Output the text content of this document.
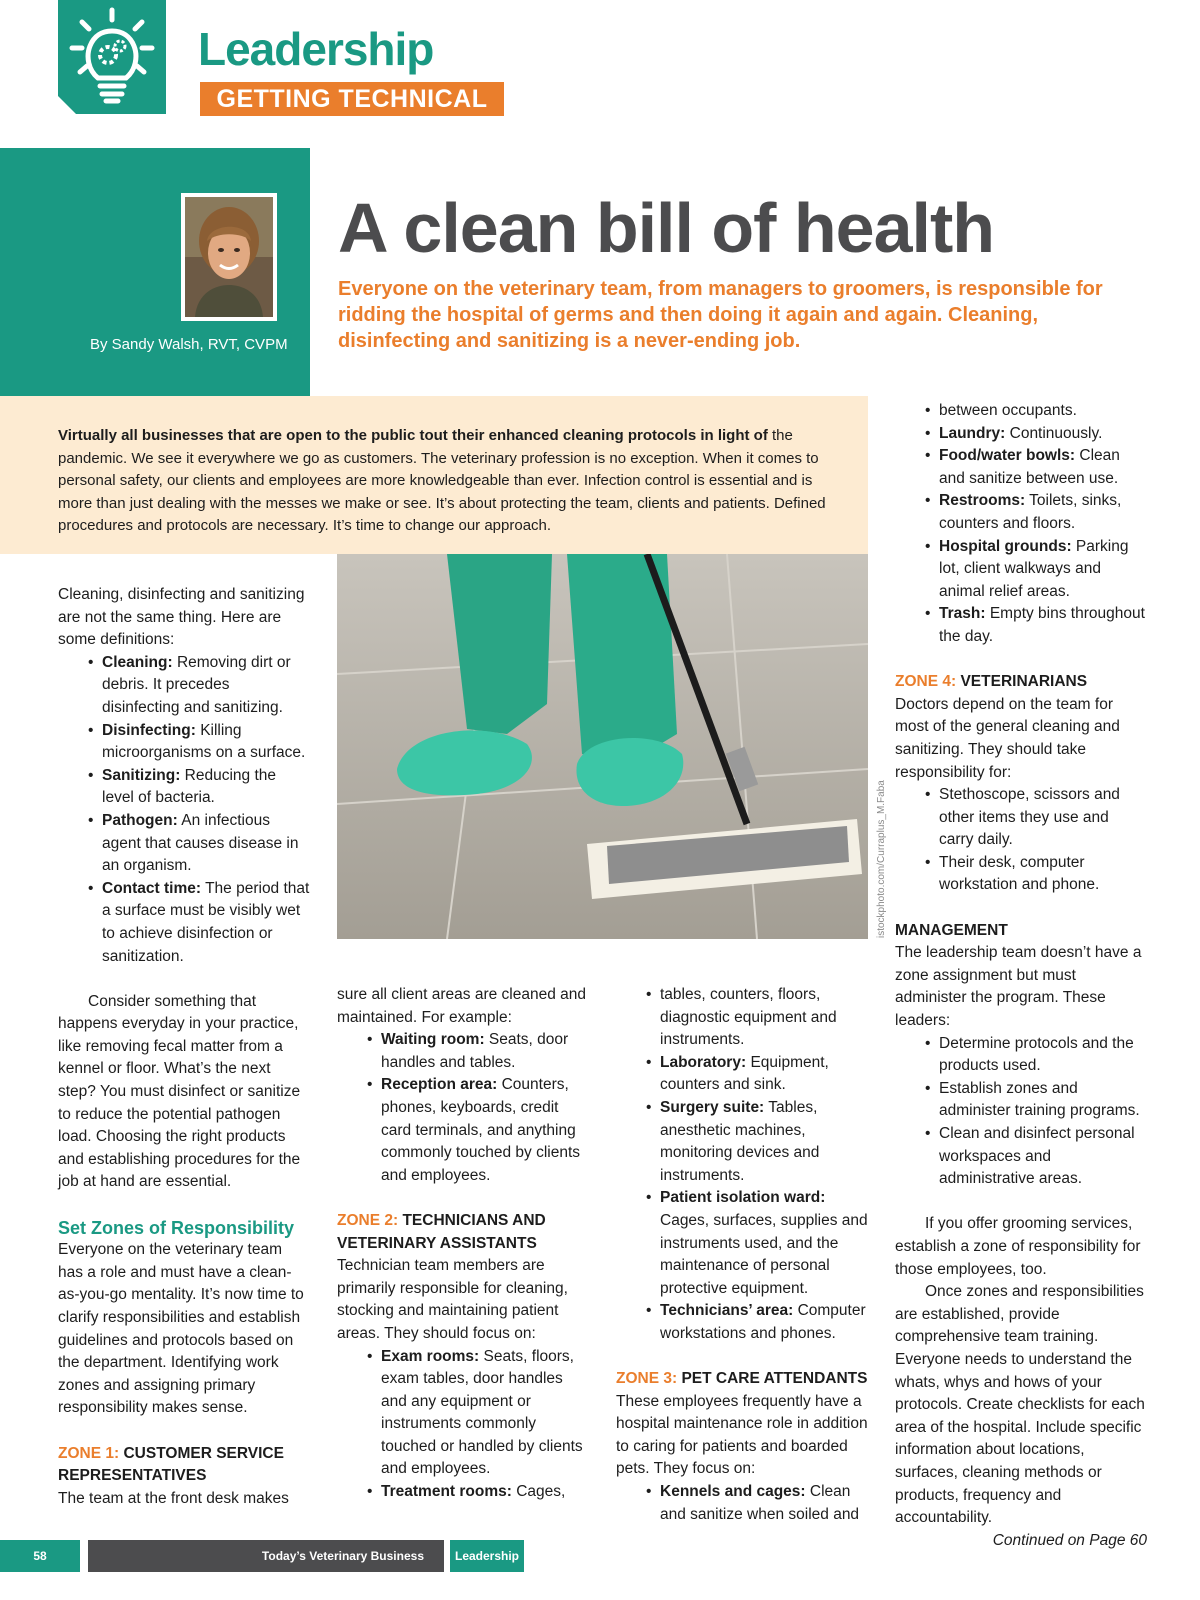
Leadership
GETTING TECHNICAL
By Sandy Walsh, RVT, CVPM
A clean bill of health
Everyone on the veterinary team, from managers to groomers, is responsible for ridding the hospital of germs and then doing it again and again. Cleaning, disinfecting and sanitizing is a never-ending job.
Virtually all businesses that are open to the public tout their enhanced cleaning protocols in light of the pandemic. We see it everywhere we go as customers. The veterinary profession is no exception. When it comes to personal safety, our clients and employees are more knowledgeable than ever. Infection control is essential and is more than just dealing with the messes we make or see. It’s about protecting the team, clients and patients. Defined procedures and protocols are necessary. It’s time to change our approach.
istockphoto.com/Curraplus_M.Faba

Cleaning, disinfecting and sanitizing are not the same thing. Here are some definitions:

• Cleaning: Removing dirt or debris. It precedes disinfecting and sanitizing.
• Disinfecting: Killing microorganisms on a surface.
• Sanitizing: Reducing the level of bacteria.
• Pathogen: An infectious agent that causes disease in an organism.
• Contact time: The period that a surface must be visibly wet to achieve disinfection or sanitization.

Consider something that happens everyday in your practice, like removing fecal matter from a kennel or floor. What’s the next step? You must disinfect or sanitize to reduce the potential pathogen load. Choosing the right products and establishing procedures for the job at hand are essential.

Set Zones of Responsibility

Everyone on the veterinary team has a role and must have a clean-as-you-go mentality. It’s now time to clarify responsibilities and establish guidelines and protocols based on the department. Identifying work zones and assigning primary responsibility makes sense.

ZONE 1: CUSTOMER SERVICE REPRESENTATIVES

The team at the front desk makes

sure all client areas are cleaned and maintained. For example:

• Waiting room: Seats, door handles and tables.
• Reception area: Counters, phones, keyboards, credit card terminals, and anything commonly touched by clients and employees.

ZONE 2: TECHNICIANS AND VETERINARY ASSISTANTS

Technician team members are primarily responsible for cleaning, stocking and maintaining patient areas. They should focus on:

• Exam rooms: Seats, floors, exam tables, door handles and any equipment or instruments commonly touched or handled by clients and employees.
• Treatment rooms: Cages,
• tables, counters, floors, diagnostic equipment and instruments.
• Laboratory: Equipment, counters and sink.
• Surgery suite: Tables, anesthetic machines, monitoring devices and instruments.
• Patient isolation ward: Cages, surfaces, supplies and instruments used, and the maintenance of personal protective equipment.
• Technicians’ area: Computer workstations and phones.

ZONE 3: PET CARE ATTENDANTS

These employees frequently have a hospital maintenance role in addition to caring for patients and boarded pets. They focus on:

• Kennels and cages: Clean and sanitize when soiled and
• between occupants.
• Laundry: Continuously.
• Food/water bowls: Clean and sanitize between use.
• Restrooms: Toilets, sinks, counters and floors.
• Hospital grounds: Parking lot, client walkways and animal relief areas.
• Trash: Empty bins throughout the day.

ZONE 4: VETERINARIANS

Doctors depend on the team for most of the general cleaning and sanitizing. They should take responsibility for:

• Stethoscope, scissors and other items they use and carry daily.
• Their desk, computer workstation and phone.

MANAGEMENT

The leadership team doesn’t have a zone assignment but must administer the program. These leaders:

• Determine protocols and the products used.
• Establish zones and administer training programs.
• Clean and disinfect personal workspaces and administrative areas.

If you offer grooming services, establish a zone of responsibility for those employees, too.

Once zones and responsibilities are established, provide comprehensive team training. Everyone needs to understand the whats, whys and hows of your protocols. Create checklists for each area of the hospital. Include specific information about locations, surfaces, cleaning methods or products, frequency and accountability.

Continued on Page 60

58	Today’s Veterinary Business	Leadership
